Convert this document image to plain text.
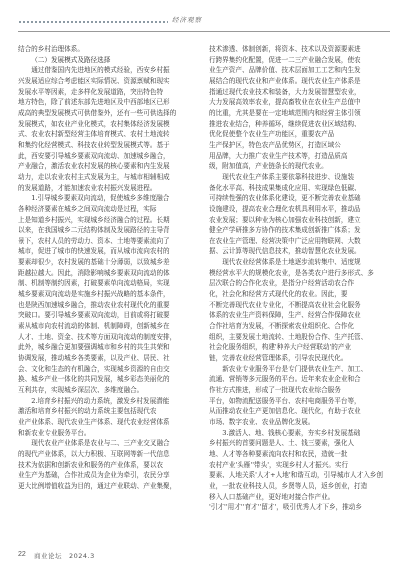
经济观察

结合的乡村治理体系。

（二）发展模式及路径选择

通过借鉴国内先进地区的模式经验，西安乡村振

兴发展适应综合考虑能区实际情况、资源禀赋和现实

发展水平等因素，走多样化发展道路，突出特色特

地方特色，除了前述东部先进地区及中西部地区已形

成高的典型发展模式可供借鉴外，还有一些可供选择的

发展模式，如农业产业化模式，农村集体经济发展模

式、农业农村新型经营主体培育模式、农村土地流转

和集约化经营模式、科技农业转型发展模式等。基于

此，西安要引导城乡要素双向流动、加速城乡融合，

产业融合，激活农业农村发展的核心要素和内生发展

动力，走以农业农村主式发展为主，与城市相辅相成

的发展道路，才能加速农业农村振兴发展进程。

1.引导城乡要素双向流动，促使城乡多维度融合

各种经济要素在城乡之间双向流动是过程，实际

上是知道乡村振兴，实现城乡经济融合的过程。长期

以来，在我国城乡二元结构体制及发展路径的主导背

景下，农村人员的劳动力、资本、土地等要素流向了

城市，促进了城市的快速发展，而从城市流向农村的

要素却很少，农村发展的基础十分薄弱，以致城乡差

距越拉越大。因此，消除影响城乡要素双向流动的体

制、机制等制约因素，打破要素单向流动格局，实现

城乡要素双向流动是实施乡村振兴战略的基本条件，

也是陕西加速城乡融合，推动农业农村现代化的重要

突破口。要引导城乡要素双向流动，目前或将打破要

素从城市向农村流动的体制、机制障碍，创新城乡在

人才、土地、资金、技术等方面双向流动的制度安排，

此外，城乡融合更加要强调城市和乡村的共生共荣和

协调发展，推动城乡各类要素，以及产业、居民、社

会、文化和生态的有机融合，实现城乡资源的自由交

换、城乡产业一体化的共同发展，城乡彩态美丽化的

互利共存，实现城乡深层次、多维度融合。

2.培育乡村振兴的动力系统，激发乡村发展潜能

激活和培育乡村振兴的动力系统主要包括现代农

业产业体系、现代农业生产体系、现代农业经营体系

和新农业专业服务平台。

现代农业产业体系是农业与二、三产业交叉融合

的现代产业体系，以大力积极、互联网等新一代信息

技术为依据和创新农业和服务的产业体系，要以农

业生产为基础，合作社成员为企业为牵引，农民分享

更大比例增值收益为目的，通过产业联动、产业集聚，

技术渗透、体制创新，将资本、技术以及资源要素进

行跨界集约化配置，促进一二三产业融合发展，使农

业生产资产、品牌价值、技术层面加工工艺和内生发

展结合的现代农业和产业体系。现代农业生产体系是

指通过现代农业技术和装备，大力发展智慧型农业，

大力发展高效率农业，提高畜牧业在农业生产总值中

的比重，尤其是要在一定地域范围内和经营主体引领

推进农业结合，种养循环，继续促进农业区域结构、

优化促使整个农业生产功能区，重要农产品

生产保护区，特色农产品优势区，打造区域公

用品牌，大力推广农业生产技术等，打造品质高

级，附加值高，产业链条长的现代农业。

现代农业生产体系主要依靠科技进步、设施装

备化水平高、科技成果集成化应用、实现绿色低碳、

可持续性强的农业体系化建设，更不断完善农业基础

设施建设，提高农业合理化农机具利用水平，推动品

农业发展；要以种业为核心加强农业科技创新，建立

健全产学研推多方协作的技术集成创新推广体系；发

在农业生产管理、经营决策中广泛应用物联网、大数

据、云计算等现代信息技术，推动智慧化农业发展。

现代农业经营体系是土地逐步流转集中、适度规

模经营水平大的规模化农业，是各类农户进行多形式、多

层次联合的合作化农业，是指分户经营活动农合作

化，社会化和经营方式现代化的农业。因此，要

不断完善现代农业专业化，不断提高农业社会化服务

体系的农业生产资料保障，生产、经营合作保障农业

合作社培育为发展，不断探索农业组织化、合作化

组织，主要发展土地流转、土地股份合作、生产托管、

社会化服务组织，构建'种养大户经营联动'的产业

链，完善农业经营管理体系，引导农民现代化。

新农业专业服务平台是专门提供农业生产、加工、

流通、营销等多元服务的平台。近年来农业企业和合

作社方式推进，形成了一批现代农业综合服务

平台，如物流配送服务平台、农村电商服务平台等，

从而推动农业生产更加信息化、现代化，有助于农业

市场、数字农业、农业品牌化发展。

3.激活人、地、钱核心要素，夯实乡村发展基础

乡村振兴的首要问题是人、土、钱三要素，强化人

地、人才等各种要素流向农村和农民，造就一批

农村产业'头雁''带头'，实现乡村人才振兴。实行

要素、人地关系'人才+人地'和谐互动，引导城市人才入乡创

业，一批农业科技人员，乡贤等人员，返乡创业，打造

移入人口基础产业，更好地对接合作产业。

'引才''用才''育才''留才'，吸引优秀人才下乡，推动乡

22 商业论坛　2024.3
